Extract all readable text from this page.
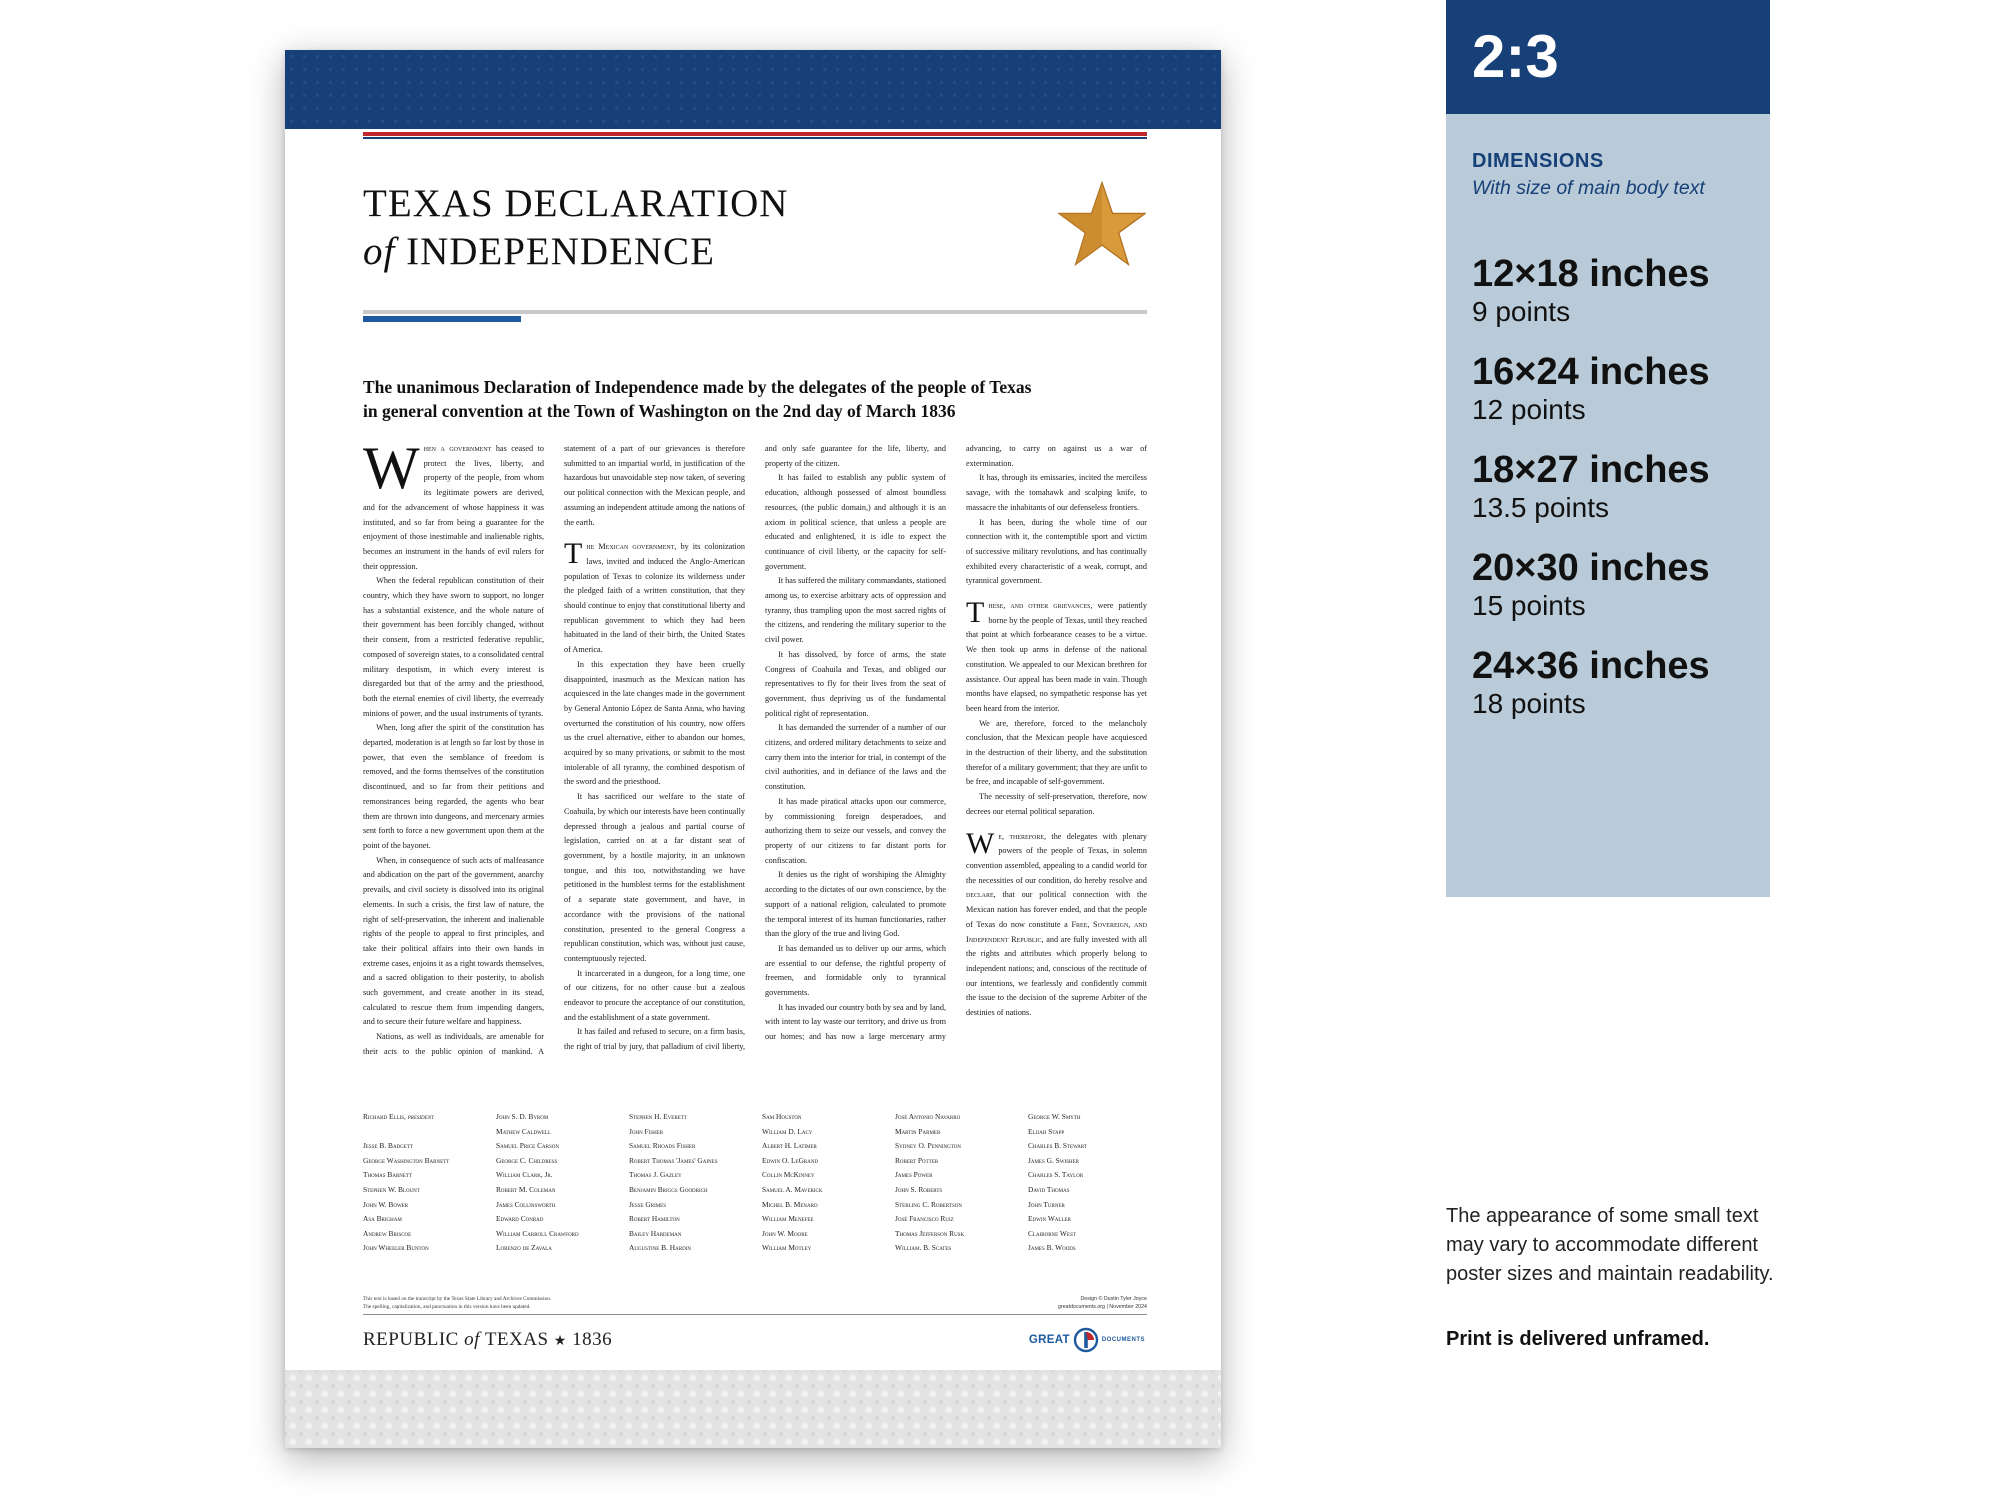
TEXAS DECLARATION
of INDEPENDENCE
The unanimous Declaration of Independence made by the delegates of the people of Texas
in general convention at the Town of Washington on the 2nd day of March 1836

When a government has ceased to protect the lives, liberty, and property of the people, from whom its legitimate powers are derived, and for the advancement of whose happiness it was instituted, and so far from being a guarantee for the enjoyment of those inestimable and inalienable rights, becomes an instrument in the hands of evil rulers for their oppression.

When the federal republican constitution of their country, which they have sworn to support, no longer has a substantial existence, and the whole nature of their government has been forcibly changed, without their consent, from a restricted federative republic, composed of sovereign states, to a consolidated central military despotism, in which every interest is disregarded but that of the army and the priesthood, both the eternal enemies of civil liberty, the everready minions of power, and the usual instruments of tyrants.

When, long after the spirit of the constitution has departed, moderation is at length so far lost by those in power, that even the semblance of freedom is removed, and the forms themselves of the constitution discontinued, and so far from their petitions and remonstrances being regarded, the agents who bear them are thrown into dungeons, and mercenary armies sent forth to force a new government upon them at the point of the bayonet.

When, in consequence of such acts of malfeasance and abdication on the part of the government, anarchy prevails, and civil society is dissolved into its original elements. In such a crisis, the first law of nature, the right of self-preservation, the inherent and inalienable rights of the people to appeal to first principles, and take their political affairs into their own hands in extreme cases, enjoins it as a right towards themselves, and a sacred obligation to their posterity, to abolish such government, and create another in its stead, calculated to rescue them from impending dangers, and to secure their future welfare and happiness.

Nations, as well as individuals, are amenable for their acts to the public opinion of mankind. A statement of a part of our grievances is therefore submitted to an impartial world, in justification of the hazardous but unavoidable step now taken, of severing our political connection with the Mexican people, and assuming an independent attitude among the nations of the earth.

The Mexican government, by its colonization laws, invited and induced the Anglo-American population of Texas to colonize its wilderness under the pledged faith of a written constitution, that they should continue to enjoy that constitutional liberty and republican government to which they had been habituated in the land of their birth, the United States of America.

In this expectation they have been cruelly disappointed, inasmuch as the Mexican nation has acquiesced in the late changes made in the government by General Antonio López de Santa Anna, who having overturned the constitution of his country, now offers us the cruel alternative, either to abandon our homes, acquired by so many privations, or submit to the most intolerable of all tyranny, the combined despotism of the sword and the priesthood.

It has sacrificed our welfare to the state of Coahuila, by which our interests have been continually depressed through a jealous and partial course of legislation, carried on at a far distant seat of government, by a hostile majority, in an unknown tongue, and this too, notwithstanding we have petitioned in the humblest terms for the establishment of a separate state government, and have, in accordance with the provisions of the national constitution, presented to the general Congress a republican constitution, which was, without just cause, contemptuously rejected.

It incarcerated in a dungeon, for a long time, one of our citizens, for no other cause but a zealous endeavor to procure the acceptance of our constitution, and the establishment of a state government.

It has failed and refused to secure, on a firm basis, the right of trial by jury, that palladium of civil liberty, and only safe guarantee for the life, liberty, and property of the citizen.

It has failed to establish any public system of education, although possessed of almost boundless resources, (the public domain,) and although it is an axiom in political science, that unless a people are educated and enlightened, it is idle to expect the continuance of civil liberty, or the capacity for self-government.

It has suffered the military commandants, stationed among us, to exercise arbitrary acts of oppression and tyranny, thus trampling upon the most sacred rights of the citizens, and rendering the military superior to the civil power.

It has dissolved, by force of arms, the state Congress of Coahuila and Texas, and obliged our representatives to fly for their lives from the seat of government, thus depriving us of the fundamental political right of representation.

It has demanded the surrender of a number of our citizens, and ordered military detachments to seize and carry them into the interior for trial, in contempt of the civil authorities, and in defiance of the laws and the constitution.

It has made piratical attacks upon our commerce, by commissioning foreign desperadoes, and authorizing them to seize our vessels, and convey the property of our citizens to far distant ports for confiscation.

It denies us the right of worshiping the Almighty according to the dictates of our own conscience, by the support of a national religion, calculated to promote the temporal interest of its human functionaries, rather than the glory of the true and living God.

It has demanded us to deliver up our arms, which are essential to our defense, the rightful property of freemen, and formidable only to tyrannical governments.

It has invaded our country both by sea and by land, with intent to lay waste our territory, and drive us from our homes; and has now a large mercenary army advancing, to carry on against us a war of extermination.

It has, through its emissaries, incited the merciless savage, with the tomahawk and scalping knife, to massacre the inhabitants of our defenseless frontiers.

It has been, during the whole time of our connection with it, the contemptible sport and victim of successive military revolutions, and has continually exhibited every characteristic of a weak, corrupt, and tyrannical government.

These, and other grievances, were patiently borne by the people of Texas, until they reached that point at which forbearance ceases to be a virtue. We then took up arms in defense of the national constitution. We appealed to our Mexican brethren for assistance. Our appeal has been made in vain. Though months have elapsed, no sympathetic response has yet been heard from the interior.

We are, therefore, forced to the melancholy conclusion, that the Mexican people have acquiesced in the destruction of their liberty, and the substitution therefor of a military government; that they are unfit to be free, and incapable of self-government.

The necessity of self-preservation, therefore, now decrees our eternal political separation.

We, therefore, the delegates with plenary powers of the people of Texas, in solemn convention assembled, appealing to a candid world for the necessities of our condition, do hereby resolve and declare, that our political connection with the Mexican nation has forever ended, and that the people of Texas do now constitute a Free, Sovereign, and Independent Republic, and are fully invested with all the rights and attributes which properly belong to independent nations; and, conscious of the rectitude of our intentions, we fearlessly and confidently commit the issue to the decision of the supreme Arbiter of the destinies of nations.

Richard Ellis, president
Jesse B. Badgett
George Washington Barnett
Thomas Barnett
Stephen W. Blount
John W. Bower
Asa Brigham
Andrew Briscoe
John Wheeler Bunton
John S. D. Byrom
Mathew Caldwell
Samuel Price Carson
George C. Childress
William Clark, Jr.
Robert M. Coleman
James Collinsworth
Edward Conrad
William Carroll Crawford
Lorenzo de Zavala
Stephen H. Everett
John Fisher
Samuel Rhoads Fisher
Robert Thomas 'James' Gaines
Thomas J. Gazley
Benjamin Briggs Goodrich
Jesse Grimes
Robert Hamilton
Bailey Hardeman
Augustine B. Hardin
Sam Houston
William D. Lacy
Albert H. Latimer
Edwin O. LeGrand
Collin McKinney
Samuel A. Maverick
Michel B. Menard
William Menefee
John W. Moore
William Motley
José Antonio Navarro
Martin Parmer
Sydney O. Pennington
Robert Potter
James Power
John S. Roberts
Sterling C. Robertson
José Francisco Ruiz
Thomas Jefferson Rusk
William. B. Scates
George W. Smyth
Elijah Stapp
Charles B. Stewart
James G. Swisher
Charles S. Taylor
David Thomas
John Turner
Edwin Waller
Claiborne West
James B. Woods
This text is based on the transcript by the Texas State Library and Archives Commission.
The spelling, capitalization, and punctuation in this version have been updated.
Design © Dustin Tyler Joyce
greatdocuments.org | November 2024
REPUBLIC of TEXAS ★ 1836	GREAT	DOCUMENTS
2:3
DIMENSIONS
With size of main body text
12×18 inches
9 points
16×24 inches
12 points
18×27 inches
13.5 points
20×30 inches
15 points
24×36 inches
18 points
The appearance of some small text may vary to accommodate different poster sizes and maintain readability.
Print is delivered unframed.
